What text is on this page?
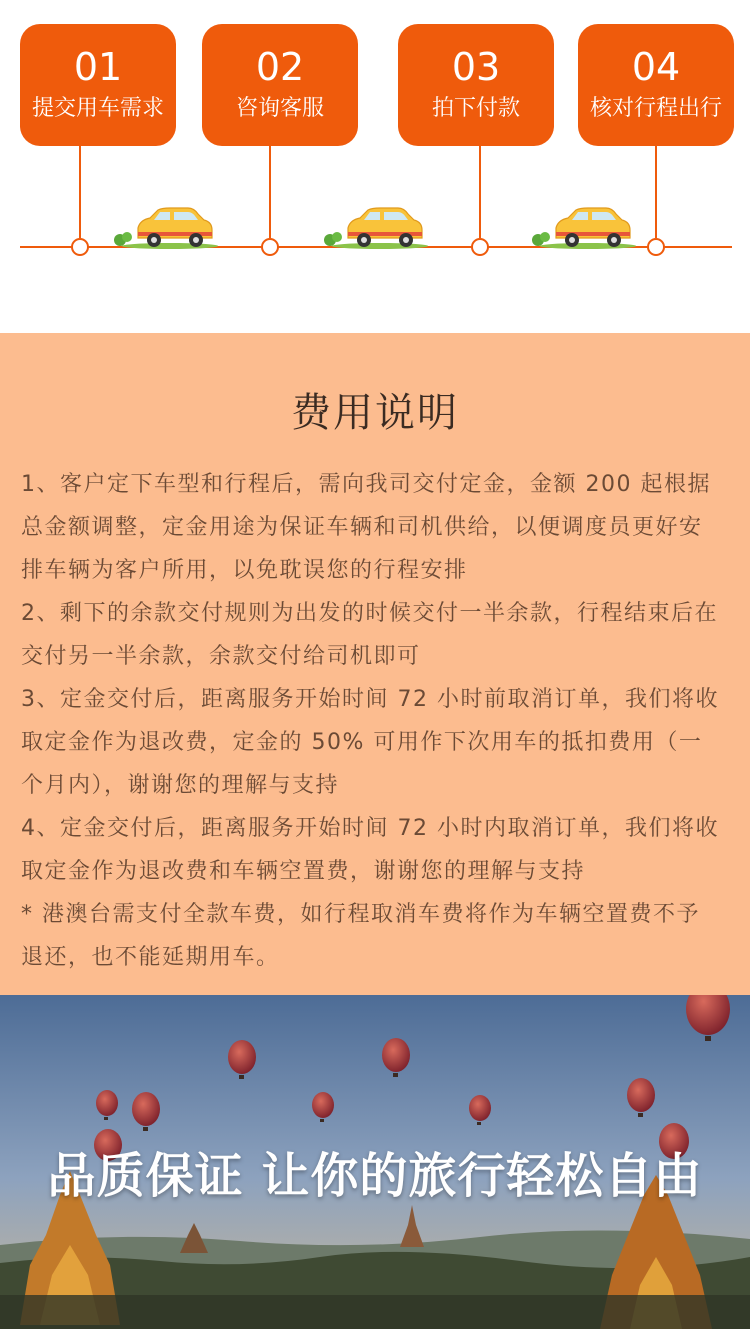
01
提交用车需求
02
咨询客服
03
拍下付款
04
核对行程出行
费用说明

1、客户定下车型和行程后，需向我司交付定金，金额 200 起根据总金额调整，定金用途为保证车辆和司机供给，以便调度员更好安排车辆为客户所用，以免耽误您的行程安排

2、剩下的余款交付规则为出发的时候交付一半余款，行程结束后在交付另一半余款，余款交付给司机即可

3、定金交付后，距离服务开始时间 72 小时前取消订单，我们将收取定金作为退改费，定金的 50% 可用作下次用车的抵扣费用（一个月内），谢谢您的理解与支持

4、定金交付后，距离服务开始时间 72 小时内取消订单，我们将收取定金作为退改费和车辆空置费，谢谢您的理解与支持

* 港澳台需支付全款车费，如行程取消车费将作为车辆空置费不予退还，也不能延期用车。

品质保证 让你的旅行轻松自由
